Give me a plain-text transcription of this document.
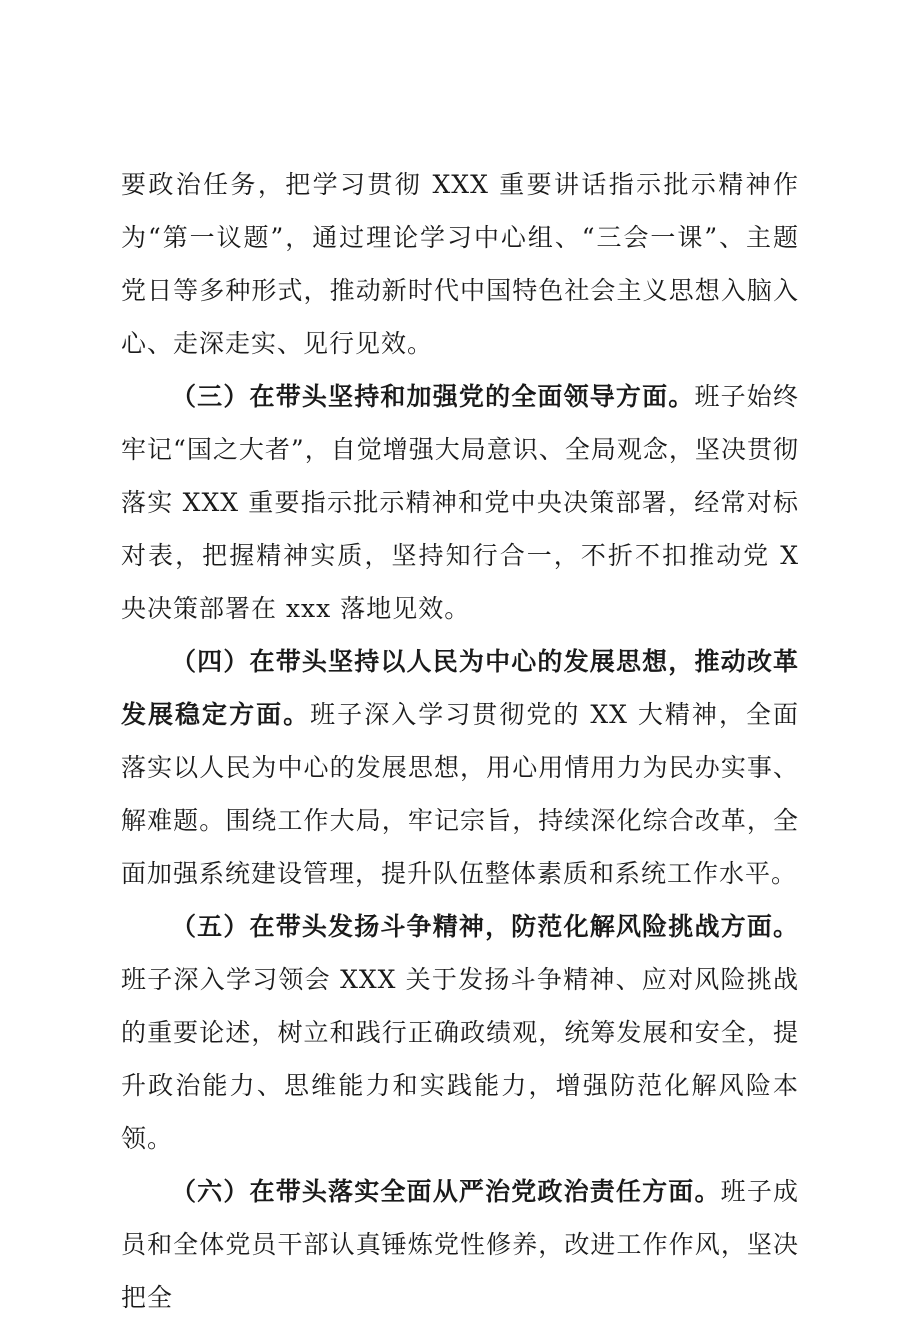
要政治任务，把学习贯彻 XXX 重要讲话指示批示精神作为“第一议题”，通过理论学习中心组、“三会一课”、主题党日等多种形式，推动新时代中国特色社会主义思想入脑入心、走深走实、见行见效。

（三）在带头坚持和加强党的全面领导方面。班子始终牢记“国之大者”，自觉增强大局意识、全局观念，坚决贯彻落实 XXX 重要指示批示精神和党中央决策部署，经常对标对表，把握精神实质，坚持知行合一，不折不扣推动党 X 央决策部署在 xxx 落地见效。

（四）在带头坚持以人民为中心的发展思想，推动改革发展稳定方面。班子深入学习贯彻党的 XX 大精神，全面落实以人民为中心的发展思想，用心用情用力为民办实事、解难题。围绕工作大局，牢记宗旨，持续深化综合改革，全面加强系统建设管理，提升队伍整体素质和系统工作水平。

（五）在带头发扬斗争精神，防范化解风险挑战方面。班子深入学习领会 XXX 关于发扬斗争精神、应对风险挑战的重要论述，树立和践行正确政绩观，统筹发展和安全，提升政治能力、思维能力和实践能力，增强防范化解风险本领。

（六）在带头落实全面从严治党政治责任方面。班子成员和全体党员干部认真锤炼党性修养，改进工作作风，坚决把全
